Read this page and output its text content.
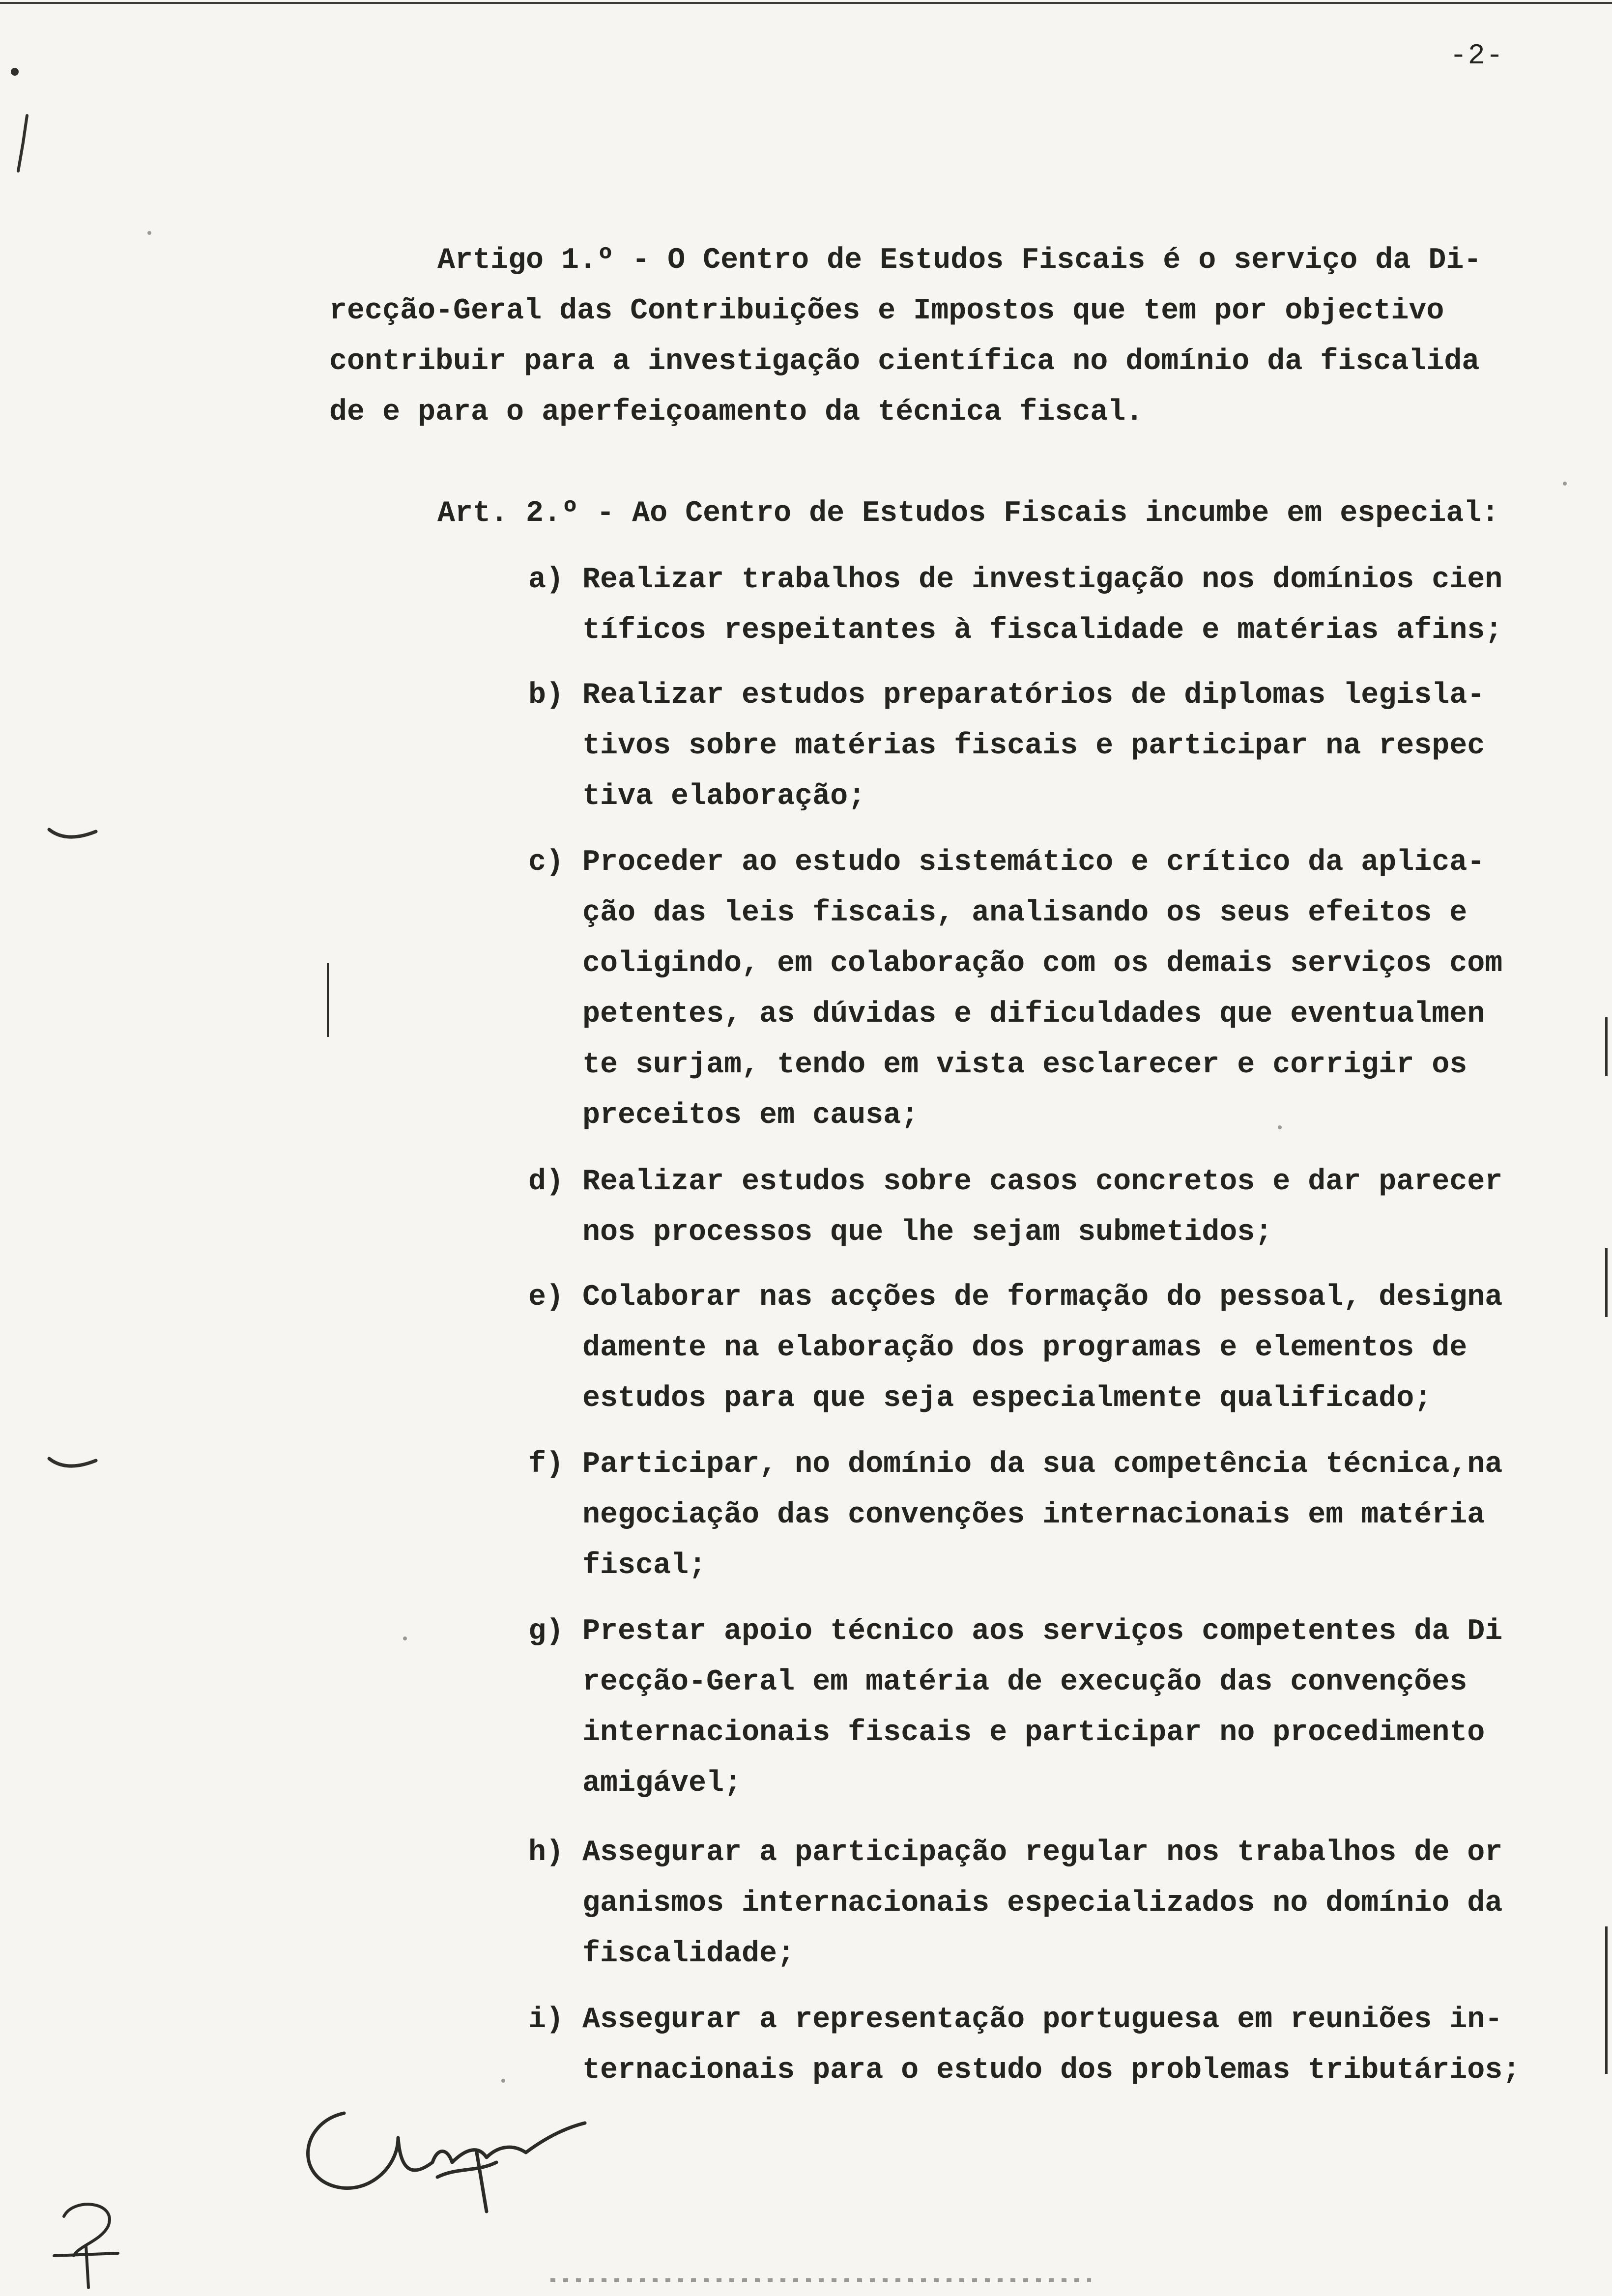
-2-
Artigo 1.º - O Centro de Estudos Fiscais é o serviço da Di-
recção-Geral das Contribuições e Impostos que tem por objectivo
contribuir para a investigação científica no domínio da fiscalida
de e para o aperfeiçoamento da técnica fiscal.
Art. 2.º - Ao Centro de Estudos Fiscais incumbe em especial:
a) Realizar trabalhos de investigação nos domínios cien
tíficos respeitantes à fiscalidade e matérias afins;
b) Realizar estudos preparatórios de diplomas legisla-
tivos sobre matérias fiscais e participar na respec
tiva elaboração;
c) Proceder ao estudo sistemático e crítico da aplica-
ção das leis fiscais, analisando os seus efeitos e
coligindo, em colaboração com os demais serviços com
petentes, as dúvidas e dificuldades que eventualmen
te surjam, tendo em vista esclarecer e corrigir os
preceitos em causa;
d) Realizar estudos sobre casos concretos e dar parecer
nos processos que lhe sejam submetidos;
e) Colaborar nas acções de formação do pessoal, designa
damente na elaboração dos programas e elementos de
estudos para que seja especialmente qualificado;
f) Participar, no domínio da sua competência técnica,na
negociação das convenções internacionais em matéria
fiscal;
g) Prestar apoio técnico aos serviços competentes da Di
recção-Geral em matéria de execução das convenções
internacionais fiscais e participar no procedimento
amigável;
h) Assegurar a participação regular nos trabalhos de or
ganismos internacionais especializados no domínio da
fiscalidade;
i) Assegurar a representação portuguesa em reuniões in-
ternacionais para o estudo dos problemas tributários;
